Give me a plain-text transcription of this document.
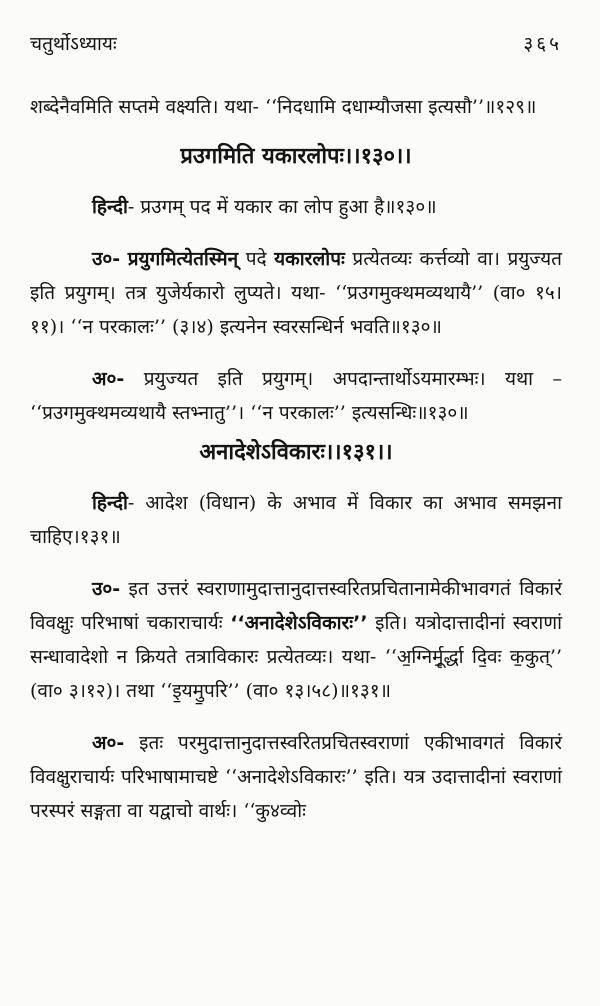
चतुर्थोऽध्यायः	३६५

शब्देनैवमिति सप्तमे वक्ष्यति। यथा- ‘‘निदधामि दधाम्यौजसा इत्यसौ’’॥१२९॥

प्रउगमिति यकारलोपः।।१३०।।

हिन्दी- प्रउगम् पद में यकार का लोप हुआ है॥१३०॥

उ०- प्रयुगमित्येतस्मिन् पदे यकारलोपः प्रत्येतव्यः कर्त्तव्यो वा। प्रयुज्यत इति प्रयुगम्। तत्र युजेर्यकारो लुप्यते। यथा- ‘‘प्रउगमुक्थमव्यथायै’’ (वा० १५।११)। ‘‘न परकालः’’ (३।४) इत्यनेन स्वरसन्धिर्न भवति॥१३०॥

अ०- प्रयुज्यत इति प्रयुगम्। अपदान्तार्थोऽयमारम्भः। यथा – ‘‘प्रउगमुक्थमव्यथायै स्तभ्नातु’’। ‘‘न परकालः’’ इत्यसन्धिः॥१३०॥

अनादेशेऽविकारः।।१३१।।

हिन्दी- आदेश (विधान) के अभाव में विकार का अभाव समझना चाहिए।१३१॥

उ०- इत उत्तरं स्वराणामुदात्तानुदात्तस्वरितप्रचितानामेकीभावगतं विकारं विवक्षुः परिभाषां चकाराचार्यः ‘‘अनादेशेऽविकारः’’ इति। यत्रोदात्तादीनां स्वराणां सन्धावादेशो न क्रियते तत्राविकारः प्रत्येतव्यः। यथा- ‘‘अ॒ग्निर्मू॒र्द्धा दि॒वः क॒कुत्’’ (वा० ३।१२)। तथा ‘‘इ॒यमु॒परि’’ (वा० १३।५८)॥१३१॥

अ०- इतः परमुदात्तानुदात्तस्वरितप्रचितस्वराणां एकीभावगतं विकारं विवक्षुराचार्यः परिभाषामाचष्टे ‘‘अनादेशेऽविकारः’’ इति। यत्र उदात्तादीनां स्वराणां परस्परं सङ्गता वा यद्वाचो वार्थः। ‘‘कु४व्वोः
